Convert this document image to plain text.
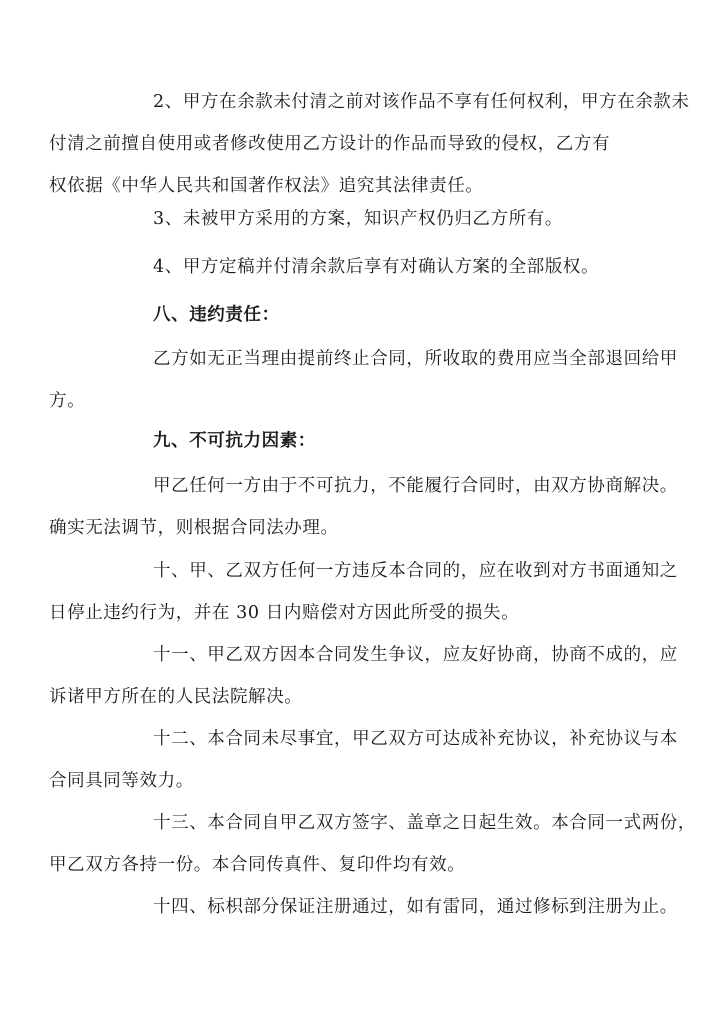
2、甲方在余款未付清之前对该作品不享有任何权利，甲方在余款未
付清之前擅自使用或者修改使用乙方设计的作品而导致的侵权，乙方有
权依据《中华人民共和国著作权法》追究其法律责任。

3、未被甲方采用的方案，知识产权仍归乙方所有。

4、甲方定稿并付清余款后享有对确认方案的全部版权。

八、违约责任：

乙方如无正当理由提前终止合同，所收取的费用应当全部退回给甲
方。

九、不可抗力因素：

甲乙任何一方由于不可抗力，不能履行合同时，由双方协商解决。
确实无法调节，则根据合同法办理。

十、甲、乙双方任何一方违反本合同的，应在收到对方书面通知之
日停止违约行为，并在 30 日内赔偿对方因此所受的损失。

十一、甲乙双方因本合同发生争议，应友好协商，协商不成的，应
诉诸甲方所在的人民法院解决。

十二、本合同未尽事宜，甲乙双方可达成补充协议，补充协议与本
合同具同等效力。

十三、本合同自甲乙双方签字、盖章之日起生效。本合同一式两份，
甲乙双方各持一份。本合同传真件、复印件均有效。

十四、标枳部分保证注册通过，如有雷同，通过修标到注册为止。
